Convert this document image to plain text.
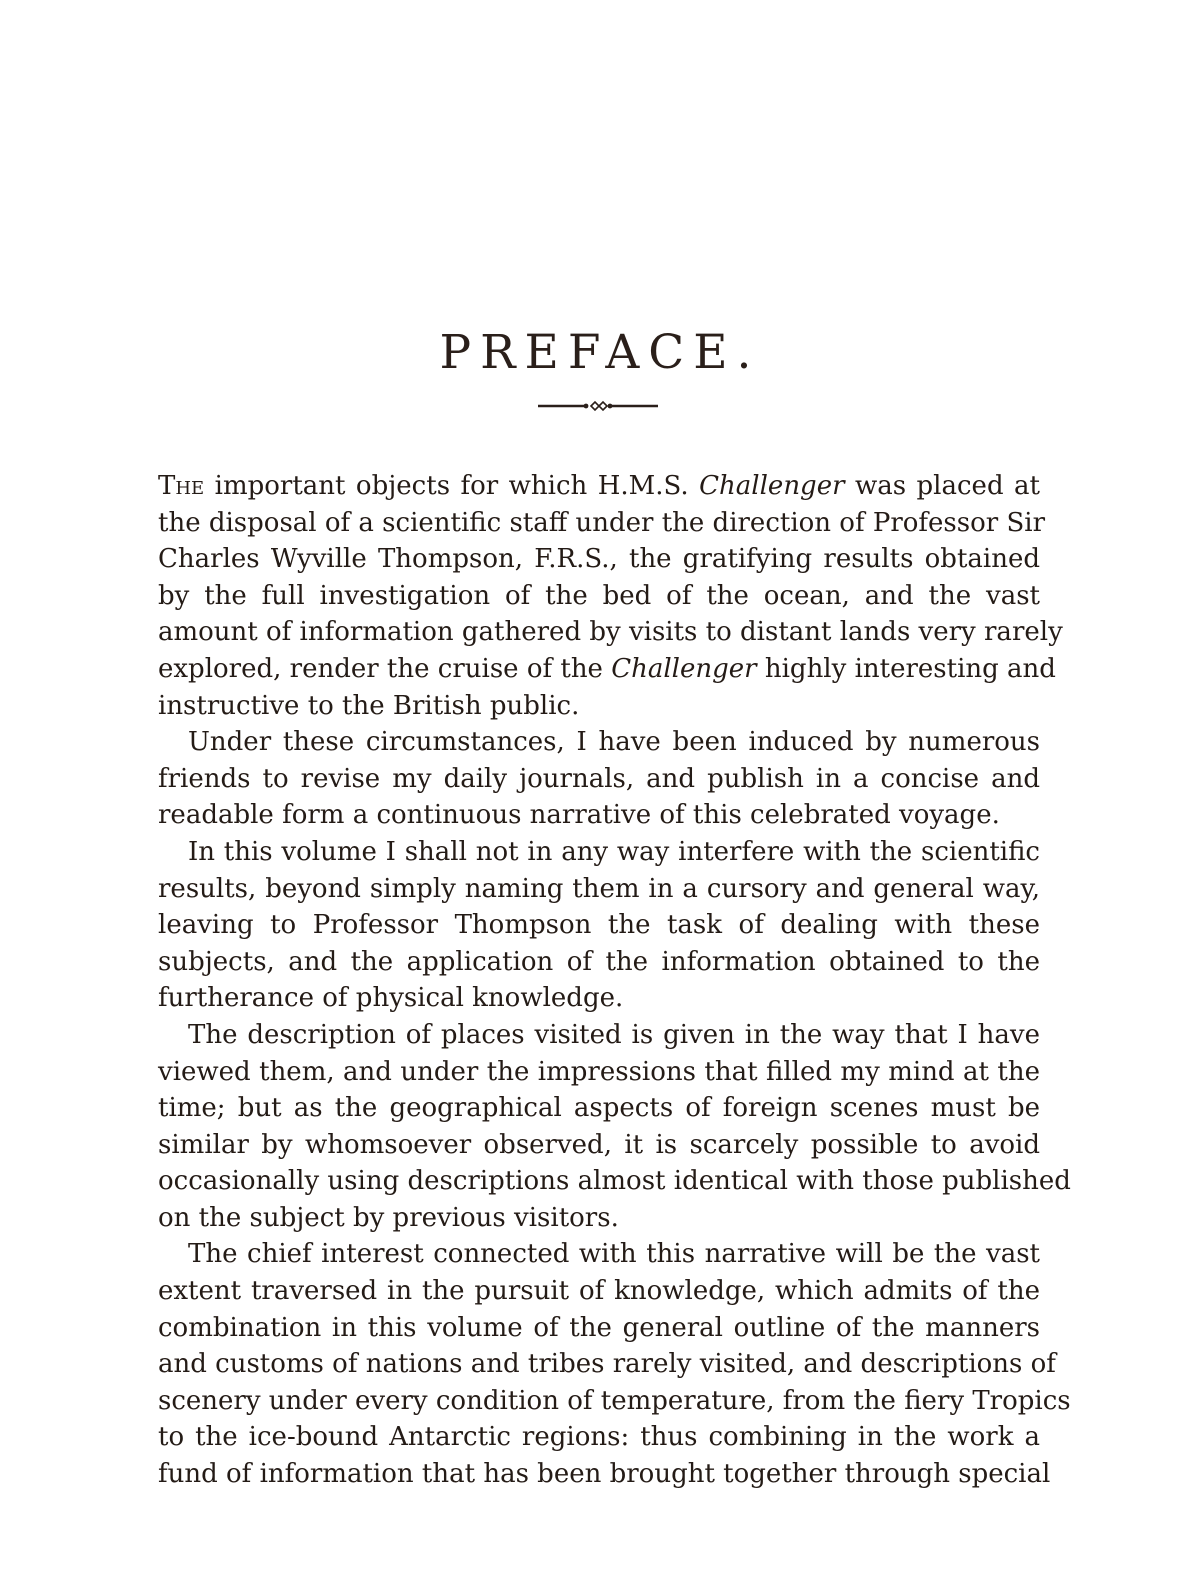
PREFACE.
The important objects for which H.M.S. Challenger was placed at
the disposal of a scientific staff under the direction of Professor Sir
Charles Wyville Thompson, F.R.S., the gratifying results obtained
by the full investigation of the bed of the ocean, and the vast
amount of information gathered by visits to distant lands very rarely
explored, render the cruise of the Challenger highly interesting and
instructive to the British public.
Under these circumstances, I have been induced by numerous
friends to revise my daily journals, and publish in a concise and
readable form a continuous narrative of this celebrated voyage.
In this volume I shall not in any way interfere with the scientific
results, beyond simply naming them in a cursory and general way,
leaving to Professor Thompson the task of dealing with these
subjects, and the application of the information obtained to the
furtherance of physical knowledge.
The description of places visited is given in the way that I have
viewed them, and under the impressions that filled my mind at the
time; but as the geographical aspects of foreign scenes must be
similar by whomsoever observed, it is scarcely possible to avoid
occasionally using descriptions almost identical with those published
on the subject by previous visitors.
The chief interest connected with this narrative will be the vast
extent traversed in the pursuit of knowledge, which admits of the
combination in this volume of the general outline of the manners
and customs of nations and tribes rarely visited, and descriptions of
scenery under every condition of temperature, from the fiery Tropics
to the ice-bound Antarctic regions: thus combining in the work a
fund of information that has been brought together through special
